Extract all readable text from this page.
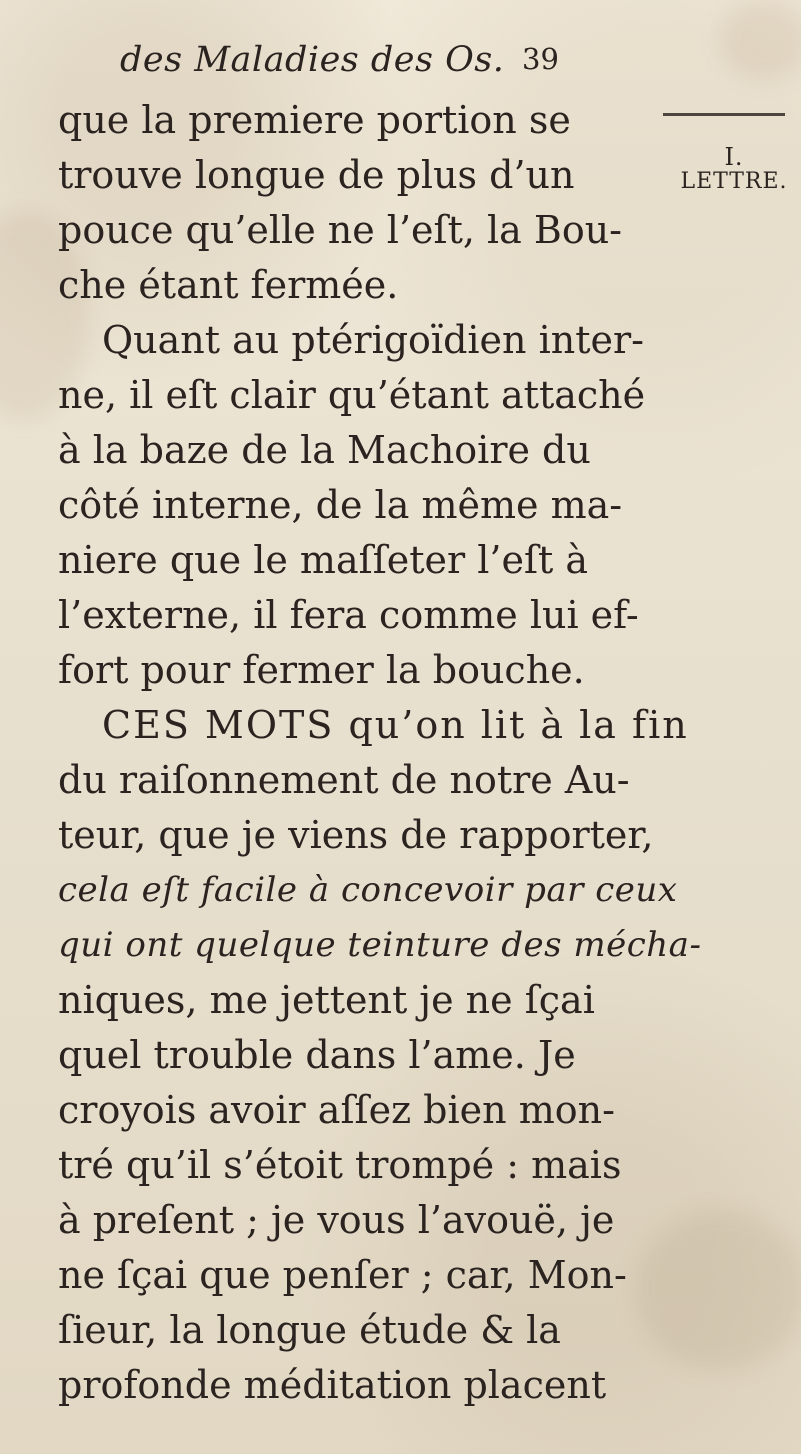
des Maladies des Os. 39
I.
LETTRE.
que la premiere portion se
trouve longue de plus d’un
pouce qu’elle ne l’eſt, la Bou-
che étant fermée.
Quant au ptérigoïdien inter-
ne, il eſt clair qu’étant attaché
à la baze de la Machoire du
côté interne, de la même ma-
niere que le maſſeter l’eſt à
l’externe, il fera comme lui ef-
fort pour fermer la bouche.
CES MOTS qu’on lit à la fin
du raiſonnement de notre Au-
teur, que je viens de rapporter,
cela eſt facile à concevoir par ceux
qui ont quelque teinture des mécha-
niques, me jettent je ne ſçai
quel trouble dans l’ame. Je
croyois avoir aſſez bien mon-
tré qu’il s’étoit trompé : mais
à preſent ; je vous l’avouë, je
ne ſçai que penſer ; car, Mon-
ſieur, la longue étude & la
profonde méditation placent
